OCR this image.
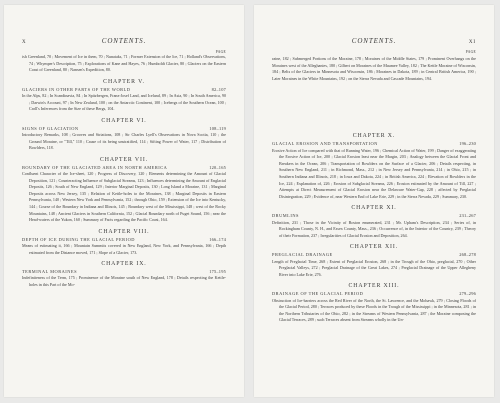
x	CONTENTS.
PAGE
ish Greenland, 70 ; Movement of Ice in them, 70 ; Nunataks, 71 ; Former Extension of the Ice, 71 ; Holland's Observations, 74 ; Whymper's Description, 75 ; Explorations of Kane and Hayes, 76 ; Humboldt Glacier, 80 ; Glaciers on the Eastern Coast of Greenland, 80 ; Nansen's Expedition, 80.
CHAPTER V.
GLACIERS IN OTHER PARTS OF THE WORLD	82–107
In the Alps, 82 ; In Scandinavia, 84 ; In Spitzbergen, Franz-Josef Land, and Iceland, 89 ; In Asia, 90 ; In South America, 90 ; Darwin's Account, 97 ; In New Zealand, 100 ; on the Antarctic Continent, 100 ; Icebergs of the Southern Ocean, 100 ; Croll's Inferences from the Size of these Bergs, 104.
CHAPTER VI.
SIGNS OF GLACIATION	108–119
Introductory Remarks, 108 ; Grooves and Striations, 108 ; Sir Charles Lyell's Observations in Nova Scotia, 110 ; the Ground Moraine, or "Till," 110 ; Cause of its being unstratified, 114 ; Sifting Power of Water, 117 ; Distribution of Bowlders, 118.
CHAPTER VII.
BOUNDARY OF THE GLACIATED AREA IN NORTH AMERICA	120–165
Confluent Character of the Ice-sheet, 120 ; Progress of Discovery, 120 ; Elements determining the Amount of Glacial Deposition, 121 ; Counteracting Influence of Subglacial Streams, 123 ; Influences determining the Amount of Englacial Deposits, 126 ; South of New England, 129 ; Interior Marginal Deposits, 130 ; Long Island a Moraine, 131 ; Marginal Deposits across New Jersey, 135 ; Relation of Kettle-holes to the Moraines, 138 ; Marginal Deposits in Eastern Pennsylvania, 140 ; Western New York and Pennsylvania, 152 ; through Ohio, 159 ; Extension of the Ice into Kentucky, 144 ; Course of the Boundary in Indiana and Illinois, 145 ; Boundary west of the Mississippi, 148 ; west of the Rocky Mountains, 148 ; Ancient Glaciers in Southern California, 152 ; Glacial Boundary north of Puget Sound, 156 ; near the Head-waters of the Yukon, 160 ; Summary of Facts regarding the Pacific Coast, 164.
CHAPTER VIII.
DEPTH OF ICE DURING THE GLACIAL PERIOD	166–174
Means of estimating it, 166 ; Mountain Summits covered in New England, New York, and Pennsylvania, 166 ; Depth estimated from the Distance moved, 171 ; Slope of a Glacier, 173.
CHAPTER IX.
TERMINAL MORAINES	175–195
Indefiniteness of the Term, 175 ; Prominence of the Moraine south of New England, 178 ; Details respecting the Kettle-holes in this Part of the Mo-
CONTENTS.	xi
PAGE
raine, 182 ; Submerged Portions of the Moraine, 178 ; Moraines of the Middle States, 179 ; Prominent Overhangs on the Moraines west of the Alleghanies, 180 ; Gilbert on Moraines of the Maumee Valley, 182 ; The Kettle Moraine of Wisconsin, 184 ; Belts of the Glaciers in Minnesota and Wisconsin, 186 ; Moraines in Dakota, 189 ; in Central British America, 190 ; Later Moraines in the White Mountains, 192 ; on the Sierra Nevada and Cascade Mountains, 194.
CHAPTER X.
GLACIAL EROSION AND TRANSPORTATION	196–230
Erosive Action of Ice compared with that of Running Water, 196 ; Chemical Action of Water, 199 ; Danger of exaggerating the Erosive Action of Ice, 200 ; Glacial Erosion least near the Margin, 203 ; Analogy between the Glacial Front and Breakers in the Ocean, 206 ; Transportation of Bowlders on the Surface of a Glacier, 206 ; Details respecting, in Southern New England, 211 ; in Richmond, Mass., 212 ; in New Jersey and Pennsylvania, 214 ; in Ohio, 215 ; in Southern Indiana and Illinois, 218 ; in Iowa and Dakota, 224 ; in British America, 224 ; Elevation of Bowlders in the Ice, 224 ; Explanation of, 226 ; Erosion of Subglacial Streams, 226 ; Erosion estimated by the Amount of Till, 227 ; Attempts at Direct Measurement of Glacial Erosion near the Delaware Water-Gap, 228 ; affected by Preglacial Disintegration, 229 ; Evidence of, near Western End of Lake Erie, 229 ; in the Sierra Nevada, 229 ; Summary, 230.
CHAPTER XI.
DRUMLINS	231–267
Definition, 231 ; Those in the Vicinity of Boston enumerated, 231 ; Mr. Upham's Description, 234 ; Series of, in Rockingham County, N. H., and Essex County, Mass., 236 ; Occurrence of, in the Interior of the Country, 239 ; Theory of their Formation, 237 ; Irregularities of Glacial Erosion and Deposition, 264.
CHAPTER XII.
PREGLACIAL DRAINAGE	268–278
Length of Preglacial Time, 268 ; Extent of Preglacial Erosion, 268 ; in the Trough of the Ohio, preglacial, 270 ; Other Preglacial Valleys, 272 ; Preglacial Drainage of the Great Lakes, 274 ; Preglacial Drainage of the Upper Allegheny River into Lake Erie, 276.
CHAPTER XIII.
DRAINAGE OF THE GLACIAL PERIOD	279–296
Obstruction of Ice-barriers across the Red River of the North, the St. Lawrence, and the Mohawk, 279 ; Closing Floods of the Glacial Period, 280 ; Terraces produced by these Floods in the Trough of the Mississippi ; in the Minnesota, 281 ; in the Northern Tributaries of the Ohio, 282 ; in the Streams of Western Pennsylvania, 287 ; the Moraine composing the Glacial Terraces, 289 ; such Terraces absent from Streams wholly in the Un-
